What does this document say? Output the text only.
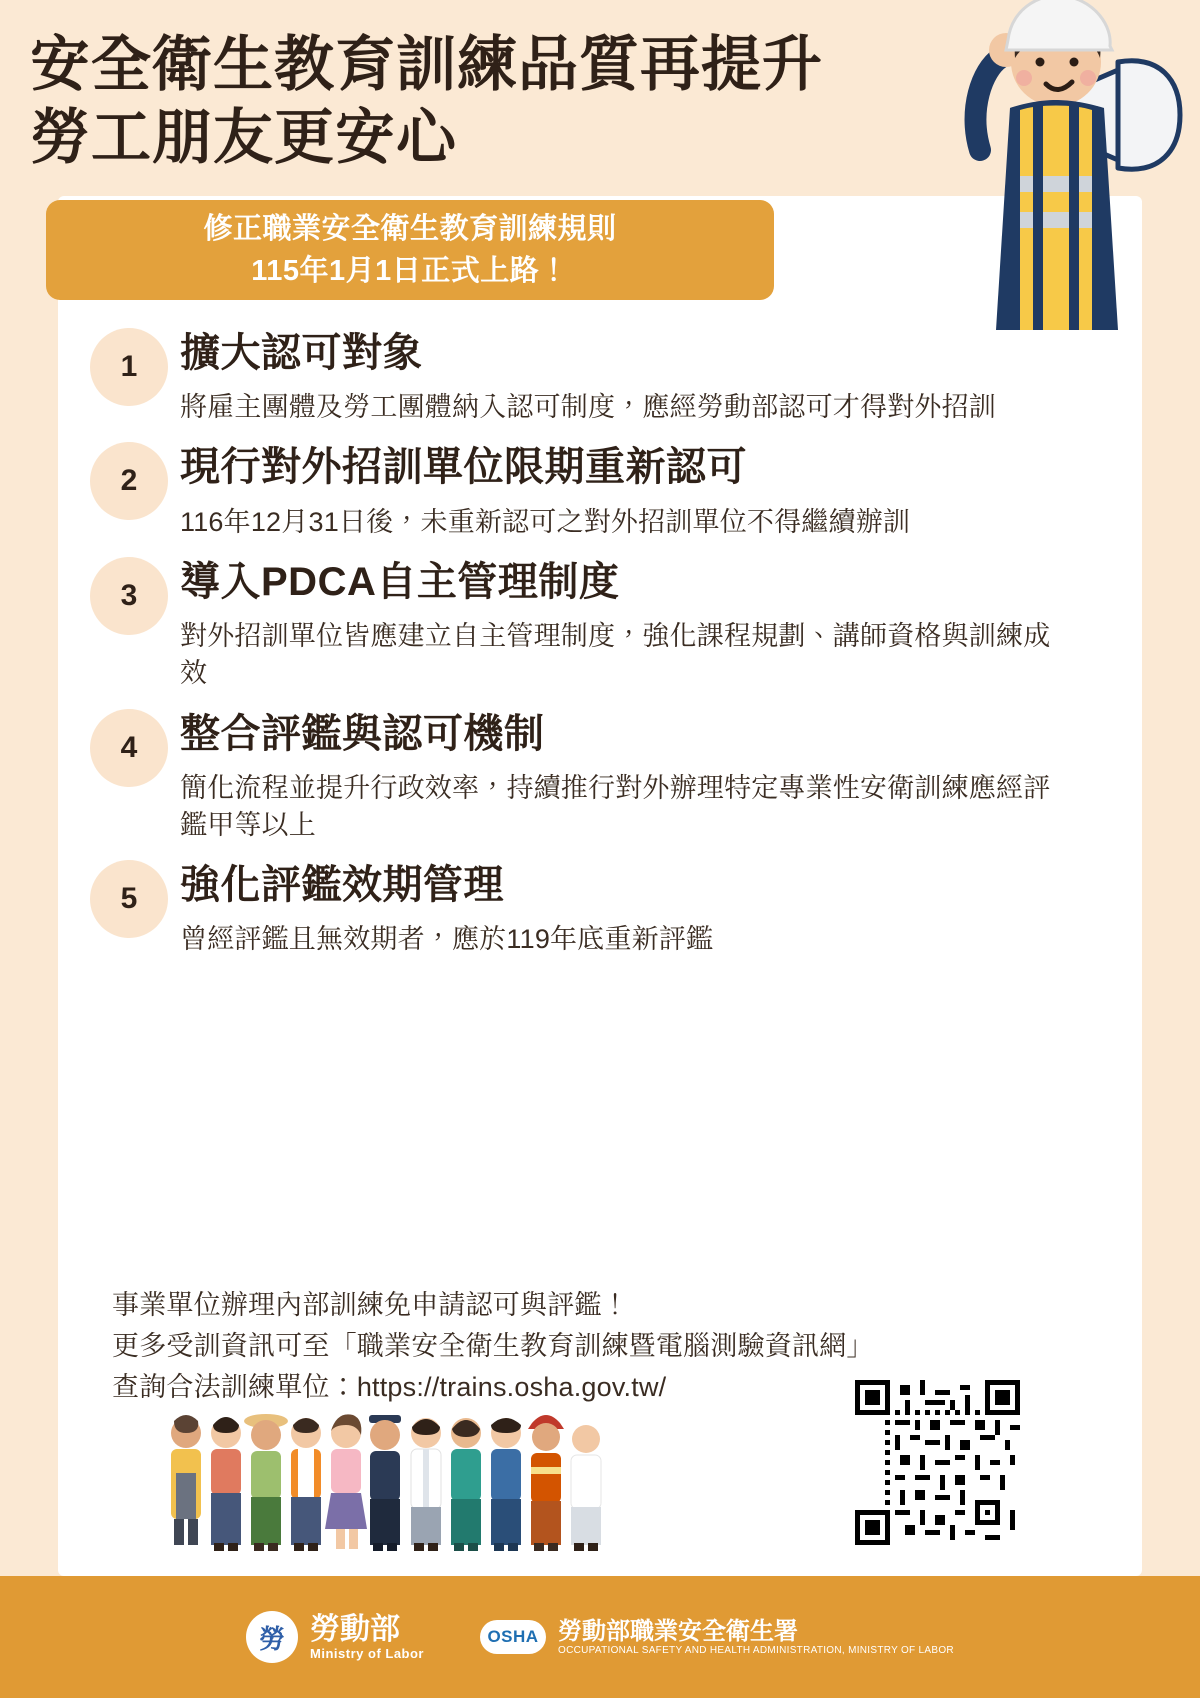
安全衛生教育訓練品質再提升
勞工朋友更安心
修正職業安全衛生教育訓練規則
115年1月1日正式上路！
1	擴大認可對象
將雇主團體及勞工團體納入認可制度，應經勞動部認可才得對外招訓
2	現行對外招訓單位限期重新認可
116年12月31日後，未重新認可之對外招訓單位不得繼續辦訓
3	導入PDCA自主管理制度
對外招訓單位皆應建立自主管理制度，強化課程規劃、講師資格與訓練成效
4	整合評鑑與認可機制
簡化流程並提升行政效率，持續推行對外辦理特定專業性安衛訓練應經評鑑甲等以上
5	強化評鑑效期管理
曾經評鑑且無效期者，應於119年底重新評鑑
事業單位辦理內部訓練免申請認可與評鑑！
更多受訓資訊可至「職業安全衛生教育訓練暨電腦測驗資訊網」
查詢合法訓練單位：https://trains.osha.gov.tw/
勞 勞動部
Ministry of Labor
OSHA 勞動部職業安全衛生署
OCCUPATIONAL SAFETY AND HEALTH ADMINISTRATION, MINISTRY OF LABOR
